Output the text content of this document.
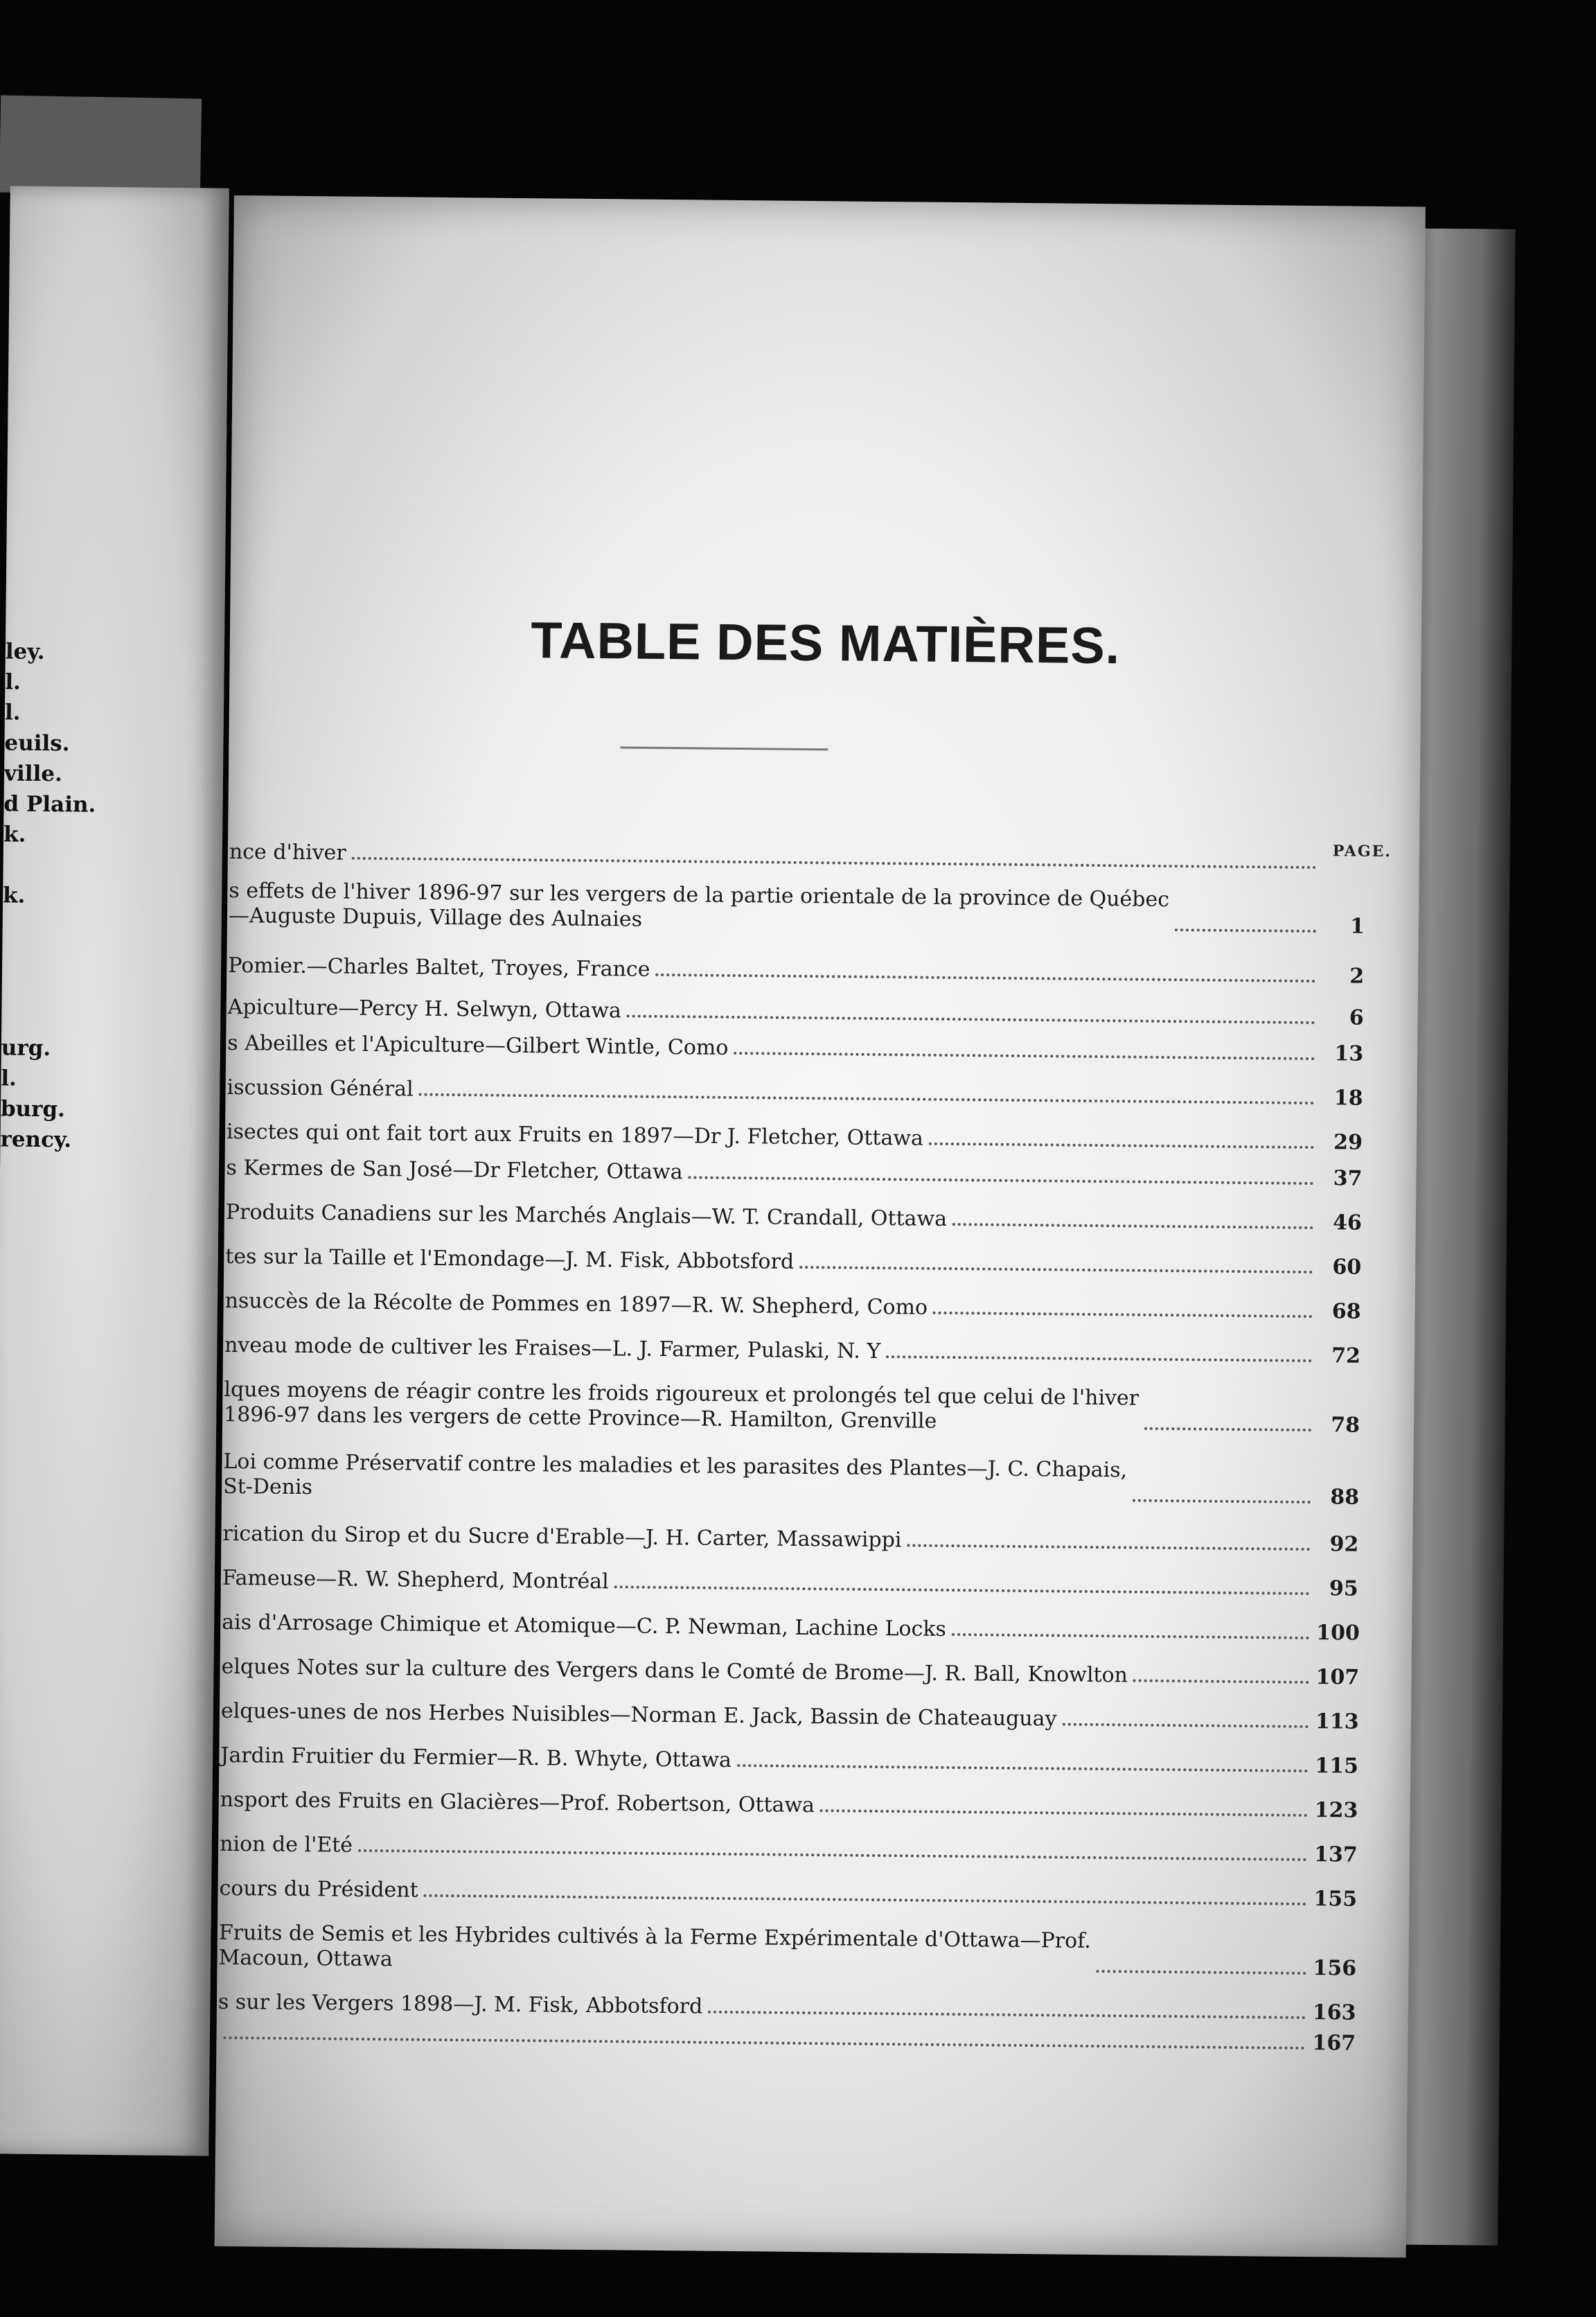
ley.
l.
l.
euils.
ville.
d Plain.
k.
k.
urg.
l.
burg.
rency.
TABLE DES MATIÈRES.
PAGE.
nce d'hiver
s effets de l'hiver 1896-97 sur les vergers de la partie orientale de la province de Québec
—Auguste Dupuis, Village des Aulnaies	1
Pomier.—Charles Baltet, Troyes, France	2
Apiculture—Percy H. Selwyn, Ottawa	6
s Abeilles et l'Apiculture—Gilbert Wintle, Como	13
iscussion Général	18
isectes qui ont fait tort aux Fruits en 1897—Dr J. Fletcher, Ottawa	29
s Kermes de San José—Dr Fletcher, Ottawa	37
Produits Canadiens sur les Marchés Anglais—W. T. Crandall, Ottawa	46
tes sur la Taille et l'Emondage—J. M. Fisk, Abbotsford	60
nsuccès de la Récolte de Pommes en 1897—R. W. Shepherd, Como	68
nveau mode de cultiver les Fraises—L. J. Farmer, Pulaski, N. Y	72
lques moyens de réagir contre les froids rigoureux et prolongés tel que celui de l'hiver
1896-97 dans les vergers de cette Province—R. Hamilton, Grenville	78
Loi comme Préservatif contre les maladies et les parasites des Plantes—J. C. Chapais,
St-Denis	88
rication du Sirop et du Sucre d'Erable—J. H. Carter, Massawippi	92
Fameuse—R. W. Shepherd, Montréal	95
ais d'Arrosage Chimique et Atomique—C. P. Newman, Lachine Locks	100
elques Notes sur la culture des Vergers dans le Comté de Brome—J. R. Ball, Knowlton	107
elques-unes de nos Herbes Nuisibles—Norman E. Jack, Bassin de Chateauguay	113
Jardin Fruitier du Fermier—R. B. Whyte, Ottawa	115
nsport des Fruits en Glacières—Prof. Robertson, Ottawa	123
nion de l'Eté	137
cours du Président	155
Fruits de Semis et les Hybrides cultivés à la Ferme Expérimentale d'Ottawa—Prof.
Macoun, Ottawa	156
s sur les Vergers 1898—J. M. Fisk, Abbotsford	163
167
